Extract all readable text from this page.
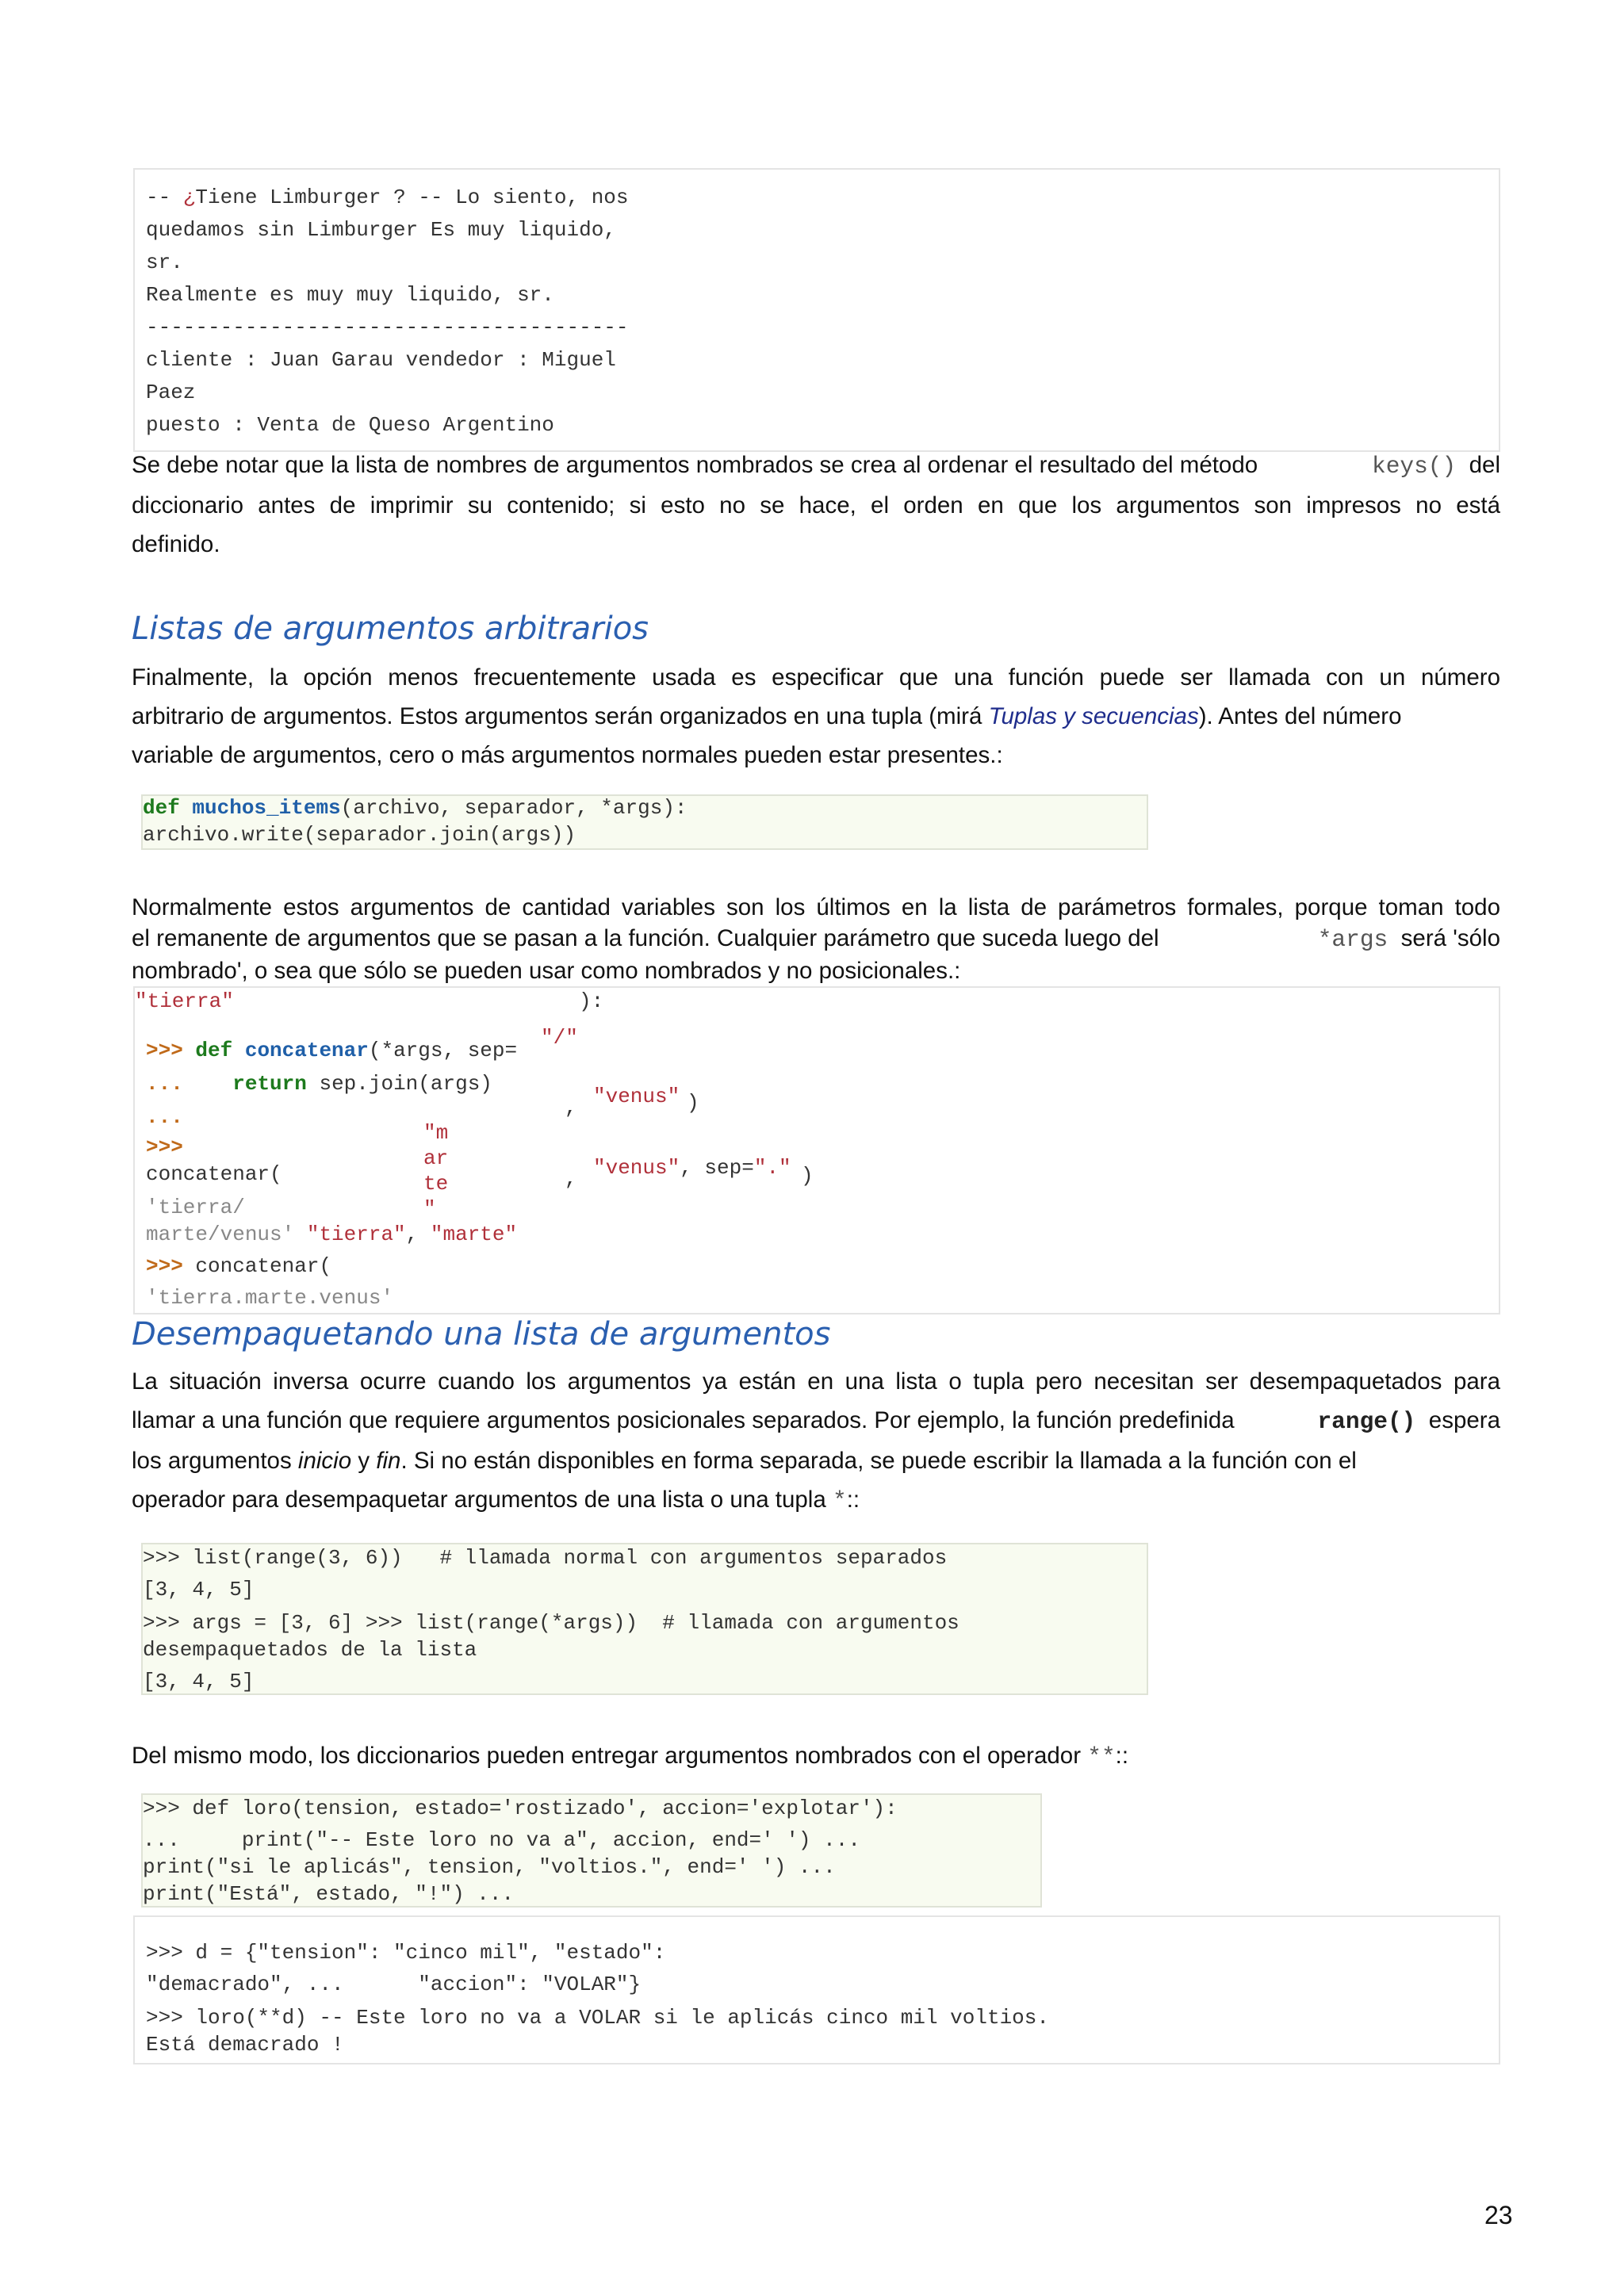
-- ¿Tiene Limburger ? -- Lo siento, nos
quedamos sin Limburger Es muy liquido,
sr.
Realmente es muy muy liquido, sr.
---------------------------------------
cliente : Juan Garau vendedor : Miguel
Paez
puesto : Venta de Queso Argentino
Se debe notar que la lista de nombres de argumentos nombrados se crea al ordenar el resultado del método	keys() del
diccionario antes de imprimir su contenido; si esto no se hace, el orden en que los argumentos son impresos no está
definido.
Listas de argumentos arbitrarios
Finalmente, la opción menos frecuentemente usada es especificar que una función puede ser llamada con un número
arbitrario de argumentos. Estos argumentos serán organizados en una tupla (mirá Tuplas y secuencias). Antes del número
variable de argumentos, cero o más argumentos normales pueden estar presentes.:
def muchos_items(archivo, separador, *args):
archivo.write(separador.join(args))
Normalmente estos argumentos de cantidad variables son los últimos en la lista de parámetros formales, porque toman todo
el remanente de argumentos que se pasan a la función. Cualquier parámetro que suceda luego del	*args será 'sólo
nombrado', o sea que sólo se pueden usar como nombrados y no posicionales.:
"tierra"	):
"/"
>>> def concatenar(*args, sep=
... return sep.join(args)
"venus" )
,
...
"m
>>>	ar
concatenar(	"venus", sep="." )
,
te
'tierra/	"
marte/venus' "tierra", "marte"
>>> concatenar(
'tierra.marte.venus'
Desempaquetando una lista de argumentos
La situación inversa ocurre cuando los argumentos ya están en una lista o tupla pero necesitan ser desempaquetados para
llamar a una función que requiere argumentos posicionales separados. Por ejemplo, la función predefinida	range() espera
los argumentos inicio y fin. Si no están disponibles en forma separada, se puede escribir la llamada a la función con el
operador para desempaquetar argumentos de una lista o una tupla *::
>>> list(range(3, 6))   # llamada normal con argumentos separados
[3, 4, 5]
>>> args = [3, 6] >>> list(range(*args))  # llamada con argumentos
desempaquetados de la lista
[3, 4, 5]
Del mismo modo, los diccionarios pueden entregar argumentos nombrados con el operador **::
>>> def loro(tension, estado='rostizado', accion='explotar'):
...     print("-- Este loro no va a", accion, end=' ') ...
print("si le aplicás", tension, "voltios.", end=' ') ...
print("Está", estado, "!") ...
>>> d = {"tension": "cinco mil", "estado":
"demacrado", ...      "accion": "VOLAR"}
>>> loro(**d) -- Este loro no va a VOLAR si le aplicás cinco mil voltios.
Está demacrado !
23
